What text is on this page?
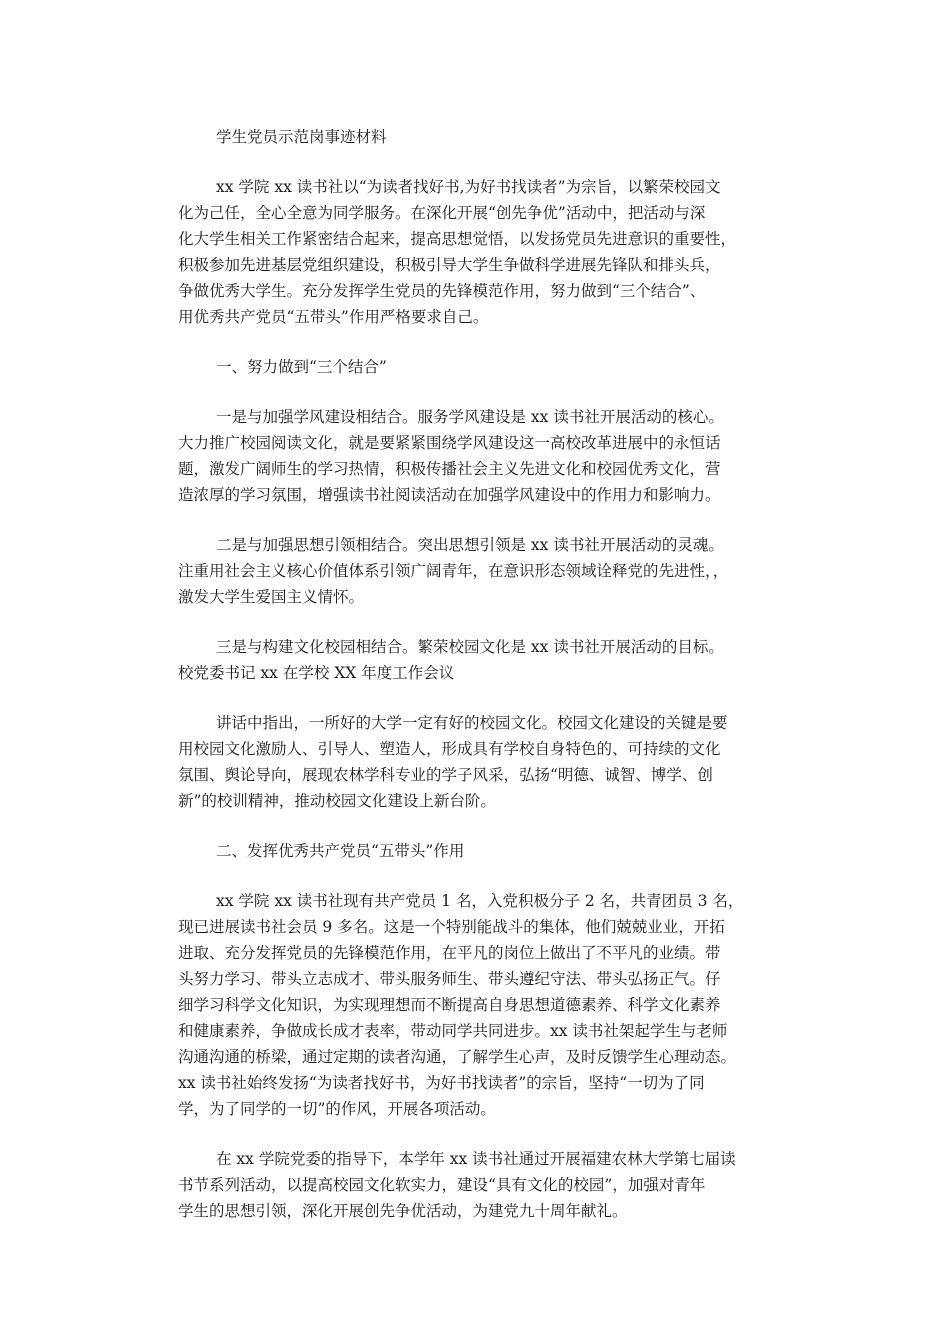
学生党员示范岗事迹材料
xx 学院 xx 读书社以“为读者找好书,为好书找读者”为宗旨，以繁荣校园文
化为己任，全心全意为同学服务。在深化开展“创先争优”活动中，把活动与深
化大学生相关工作紧密结合起来，提高思想觉悟，以发扬党员先进意识的重要性，
积极参加先进基层党组织建设，积极引导大学生争做科学进展先锋队和排头兵，
争做优秀大学生。充分发挥学生党员的先锋模范作用，努力做到“三个结合”、
用优秀共产党员“五带头”作用严格要求自己。
一、努力做到“三个结合”
一是与加强学风建设相结合。服务学风建设是 xx 读书社开展活动的核心。
大力推广校园阅读文化，就是要紧紧围绕学风建设这一高校改革进展中的永恒话
题，激发广阔师生的学习热情，积极传播社会主义先进文化和校园优秀文化，营
造浓厚的学习氛围，增强读书社阅读活动在加强学风建设中的作用力和影响力。
二是与加强思想引领相结合。突出思想引领是 xx 读书社开展活动的灵魂。
注重用社会主义核心价值体系引领广阔青年，在意识形态领域诠释党的先进性，，
激发大学生爱国主义情怀。
三是与构建文化校园相结合。繁荣校园文化是 xx 读书社开展活动的目标。
校党委书记 xx 在学校 XX 年度工作会议
讲话中指出，一所好的大学一定有好的校园文化。校园文化建设的关键是要
用校园文化激励人、引导人、塑造人，形成具有学校自身特色的、可持续的文化
氛围、舆论导向，展现农林学科专业的学子风采，弘扬“明德、诚智、博学、创
新”的校训精神，推动校园文化建设上新台阶。
二、发挥优秀共产党员“五带头”作用
xx 学院 xx 读书社现有共产党员 1 名，入党积极分子 2 名，共青团员 3 名，
现已进展读书社会员 9 多名。这是一个特别能战斗的集体，他们兢兢业业，开拓
进取、充分发挥党员的先锋模范作用，在平凡的岗位上做出了不平凡的业绩。带
头努力学习、带头立志成才、带头服务师生、带头遵纪守法、带头弘扬正气。仔
细学习科学文化知识，为实现理想而不断提高自身思想道德素养、科学文化素养
和健康素养，争做成长成才表率，带动同学共同进步。xx 读书社架起学生与老师
沟通沟通的桥梁，通过定期的读者沟通，了解学生心声，及时反馈学生心理动态。
xx 读书社始终发扬“为读者找好书，为好书找读者”的宗旨，坚持“一切为了同
学，为了同学的一切”的作风，开展各项活动。
在 xx 学院党委的指导下，本学年 xx 读书社通过开展福建农林大学第七届读
书节系列活动，以提高校园文化软实力，建设“具有文化的校园”，加强对青年
学生的思想引领，深化开展创先争优活动，为建党九十周年献礼。
